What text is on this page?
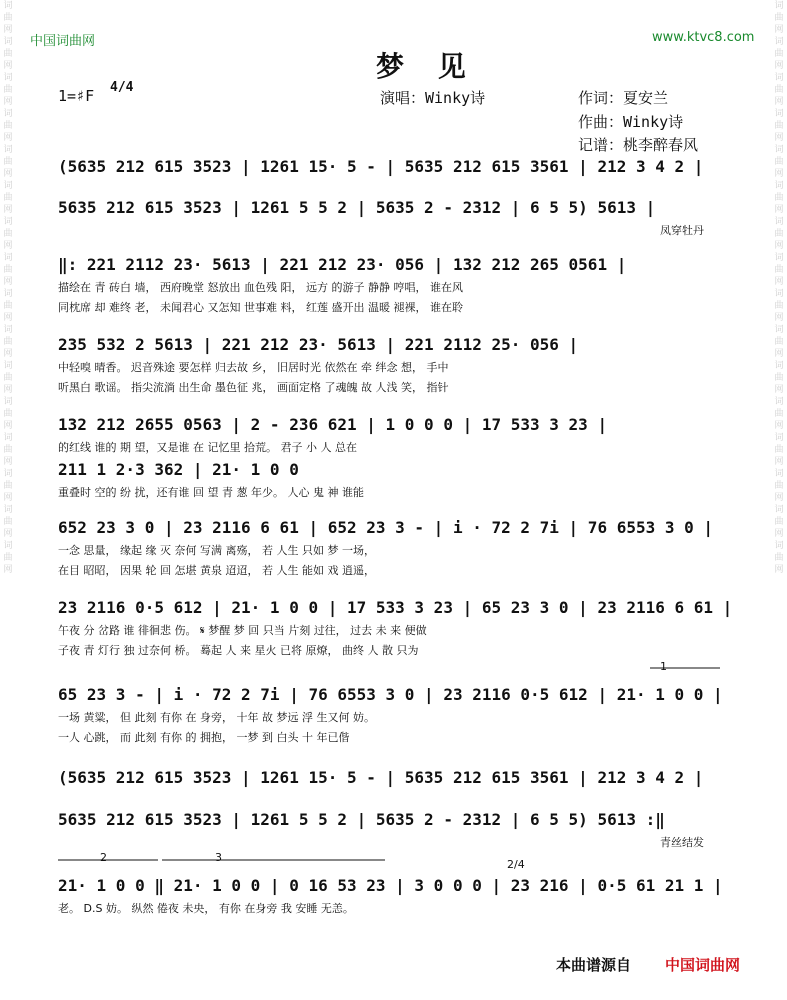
词曲网词曲网词曲网词曲网词曲网词曲网词曲网词曲网词曲网词曲网词曲网词曲网词曲网词曲网词曲网词曲网
词曲网词曲网词曲网词曲网词曲网词曲网词曲网词曲网词曲网词曲网词曲网词曲网词曲网词曲网词曲网词曲网
中国词曲网	www.ktvc8.com
梦 见
1=♯F 4/4
演唱：Winky诗	作词：夏安兰
作曲：Winky诗
记谱：桃李醉春风
(5635 212 615 3523 | 1261 15· 5 - | 5635 212 615 3561 | 212 3 4 2 |
5635 212 615 3523 | 1261 5 5 2 | 5635 2 - 2312 | 6 5 5) 5613 |
凤穿牡丹
‖: 221 2112 23· 5613 | 221 212 23· 056 | 132 212 265 0561 |
描绘在 青 砖白 墙， 西府晚堂 怒放出 血色残 阳， 远方 的游子 静静 哼唱， 谁在风
同枕席 却 难终 老， 未闻君心 又怎知 世事难 料， 红莲 盛开出 温暖 褪裸， 谁在聆
235 532 2 5613 | 221 212 23· 5613 | 221 2112 25· 056 |
中轻嗅 晴香。 迟音殊途 要怎样 归去故 乡， 旧居时光 依然在 牵 绊念 想， 手中
听黑白 歌谣。 指尖流淌 出生命 墨色征 兆， 画面定格 了魂魄 故 人浅 笑， 指针
132 212 2655 0563 | 2 - 236 621 | 1 0 0 0 | 17 533 3 23 |
的红线 谁的 期 望，又是谁 在 记忆里 拾荒。 君子 小 人 总在
211 1 2·3 362 | 21· 1 0 0
重叠时 空的 纷 扰，还有谁 回 望 青 葱 年少。 人心 鬼 神 谁能
652 23 3 0 | 23 2116 6 61 | 652 23 3 - | i · 72 2 7i | 76 6553 3 0 |
一念 思量， 缘起 缘 灭 奈何 写满 离殇， 若 人生 只如 梦 一场，
在目 昭昭， 因果 轮 回 怎堪 黄泉 迢迢， 若 人生 能如 戏 逍遥，
23 2116 0·5 612 | 21· 1 0 0 | 17 533 3 23 | 65 23 3 0 | 23 2116 6 61 |
午夜 分 岔路 谁 徘徊悲 伤。 𝄋 梦醒 梦 回 只当 片刻 过往， 过去 未 来 便做
子夜 青 灯行 独 过奈何 桥。 蓦起 人 来 星火 已将 原燎， 曲终 人 散 只为
65 23 3 - | i · 72 2 7i | 76 6553 3 0 | 23 2116 0·5 612 | 21· 1 0 0 |
一场 黄粱， 但 此刻 有你 在 身旁， 十年 故 梦远 浮 生又何 妨。
一人 心跳， 而 此刻 有你 的 拥抱， 一梦 到 白头 十 年已偕
(5635 212 615 3523 | 1261 15· 5 - | 5635 212 615 3561 | 212 3 4 2 |
5635 212 615 3523 | 1261 5 5 2 | 5635 2 - 2312 | 6 5 5) 5613 :‖
青丝结发
21· 1 0 0 ‖ 21· 1 0 0 | 0 16 53 23 | 3 0 0 0 | 23 216 | 0·5 61 21 1 |
老。 D.S 妨。 纵然 倦夜 未央， 有你 在身旁 我 安睡 无恙。
2	3
1
2/4
本曲谱源自 中国词曲网
